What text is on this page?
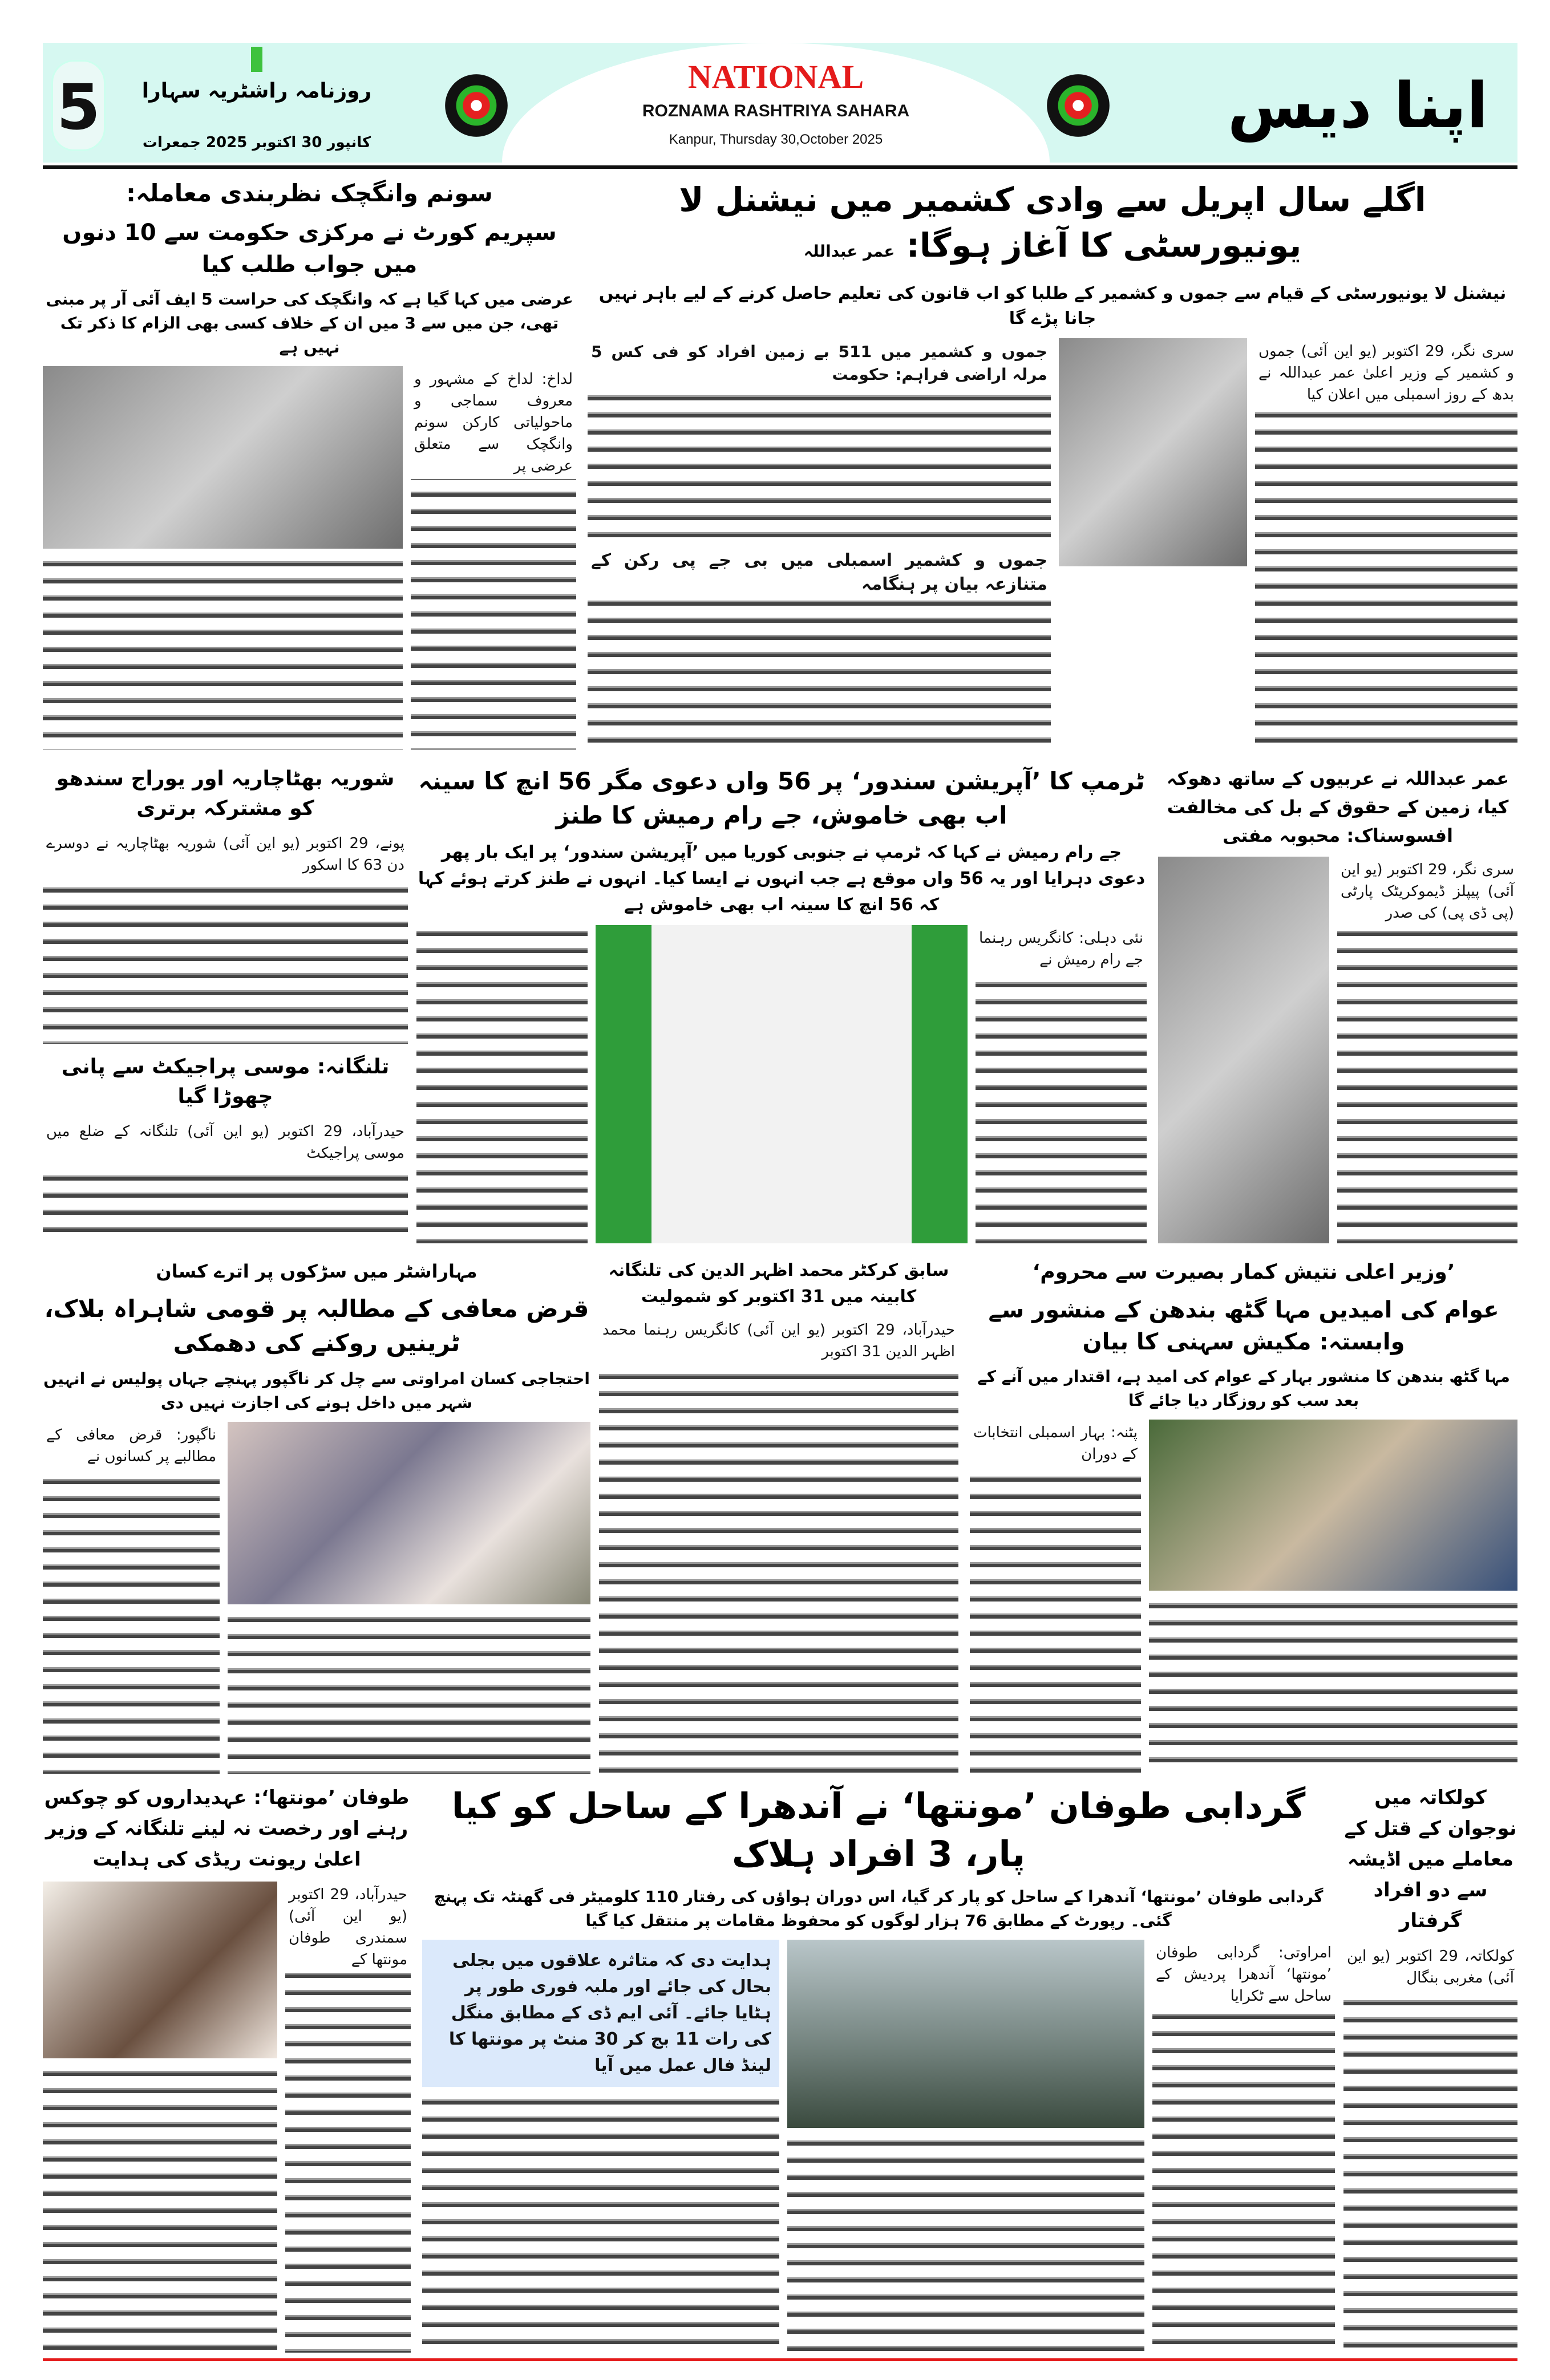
5	روزنامہ راشٹریہ سہارا
کانپور 30 اکتوبر 2025 جمعرات
NATIONAL
ROZNAMA RASHTRIYA SAHARA
Kanpur, Thursday 30,October 2025	اپنا دیس
اگلے سال اپریل سے وادی کشمیر میں نیشنل لا یونیورسٹی کا آغاز ہوگا: عمر عبداللہ
نیشنل لا یونیورسٹی کے قیام سے جموں و کشمیر کے طلبا کو اب قانون کی تعلیم حاصل کرنے کے لیے باہر نہیں جانا پڑے گا
سری نگر، 29 اکتوبر (یو این آئی) جموں و کشمیر کے وزیر اعلیٰ عمر عبداللہ نے بدھ کے روز اسمبلی میں اعلان کیا
جموں و کشمیر میں 511 بے زمین افراد کو فی کس 5 مرلہ اراضی فراہم: حکومت
جموں و کشمیر اسمبلی میں بی جے پی رکن کے متنازعہ بیان پر ہنگامہ
سونم وانگچک نظربندی معاملہ:
سپریم کورٹ نے مرکزی حکومت سے 10 دنوں میں جواب طلب کیا
عرضی میں کہا گیا ہے کہ وانگچک کی حراست 5 ایف آئی آر پر مبنی تھی، جن میں سے 3 میں ان کے خلاف کسی بھی الزام کا ذکر تک نہیں ہے
لداخ: لداخ کے مشہور و معروف سماجی و ماحولیاتی کارکن سونم وانگچک سے متعلق عرضی پر
شوریہ بھٹاچاریہ اور یوراج سندھو کو مشترکہ برتری
پونے، 29 اکتوبر (یو این آئی) شوریہ بھٹاچاریہ نے دوسرے دن 63 کا اسکور
تلنگانہ: موسی پراجیکٹ سے پانی چھوڑا گیا
حیدرآباد، 29 اکتوبر (یو این آئی) تلنگانہ کے ضلع میں موسی پراجیکٹ
ٹرمپ کا ’آپریشن سندور‘ پر 56 واں دعوی مگر 56 انچ کا سینہ اب بھی خاموش، جے رام رمیش کا طنز
جے رام رمیش نے کہا کہ ٹرمپ نے جنوبی کوریا میں ’آپریشن سندور‘ پر ایک بار پھر دعوی دہرایا اور یہ 56 واں موقع ہے جب انہوں نے ایسا کیا۔ انہوں نے طنز کرتے ہوئے کہا کہ 56 انچ کا سینہ اب بھی خاموش ہے
نئی دہلی: کانگریس رہنما جے رام رمیش نے
عمر عبداللہ نے عربیوں کے ساتھ دھوکہ کیا، زمین کے حقوق کے بل کی مخالفت افسوسناک: محبوبہ مفتی
سری نگر، 29 اکتوبر (یو این آئی) پیپلز ڈیموکریٹک پارٹی (پی ڈی پی) کی صدر
’وزیر اعلی نتیش کمار بصیرت سے محروم‘
عوام کی امیدیں مہا گٹھ بندھن کے منشور سے وابستہ: مکیش سہنی کا بیان
مہا گٹھ بندھن کا منشور بہار کے عوام کی امید ہے، اقتدار میں آنے کے بعد سب کو روزگار دیا جائے گا
پٹنہ: بہار اسمبلی انتخابات کے دوران
سابق کرکٹر محمد اظہر الدین کی تلنگانہ کابینہ میں 31 اکتوبر کو شمولیت
حیدرآباد، 29 اکتوبر (یو این آئی) کانگریس رہنما محمد اظہر الدین 31 اکتوبر
مہاراشٹر میں سڑکوں پر اترے کسان
قرض معافی کے مطالبہ پر قومی شاہراہ بلاک، ٹرینیں روکنے کی دھمکی
احتجاجی کسان امراوتی سے چل کر ناگپور پہنچے جہاں پولیس نے انہیں شہر میں داخل ہونے کی اجازت نہیں دی
ناگپور: قرض معافی کے مطالبے پر کسانوں نے
گردابی طوفان ’مونتھا‘ نے آندھرا کے ساحل کو کیا پار، 3 افراد ہلاک
گردابی طوفان ’مونتھا‘ آندھرا کے ساحل کو پار کر گیا، اس دوران ہواؤں کی رفتار 110 کلومیٹر فی گھنٹہ تک پہنچ گئی۔ رپورٹ کے مطابق 76 ہزار لوگوں کو محفوظ مقامات پر منتقل کیا گیا
امراوتی: گردابی طوفان ’مونتھا‘ آندھرا پردیش کے ساحل سے ٹکرایا
ہدایت دی کہ متاثرہ علاقوں میں بجلی بحال کی جائے اور ملبہ فوری طور پر ہٹایا جائے۔ آئی ایم ڈی کے مطابق منگل کی رات 11 بج کر 30 منٹ پر مونتھا کا لینڈ فال عمل میں آیا
کولکاتہ میں نوجوان کے قتل کے معاملے میں اڈیشہ سے دو افراد گرفتار
کولکاتہ، 29 اکتوبر (یو این آئی) مغربی بنگال
طوفان ’مونتھا‘: عہدیداروں کو چوکس رہنے اور رخصت نہ لینے تلنگانہ کے وزیر اعلیٰ ریونت ریڈی کی ہدایت
حیدرآباد، 29 اکتوبر (یو این آئی) سمندری طوفان مونتھا کے
